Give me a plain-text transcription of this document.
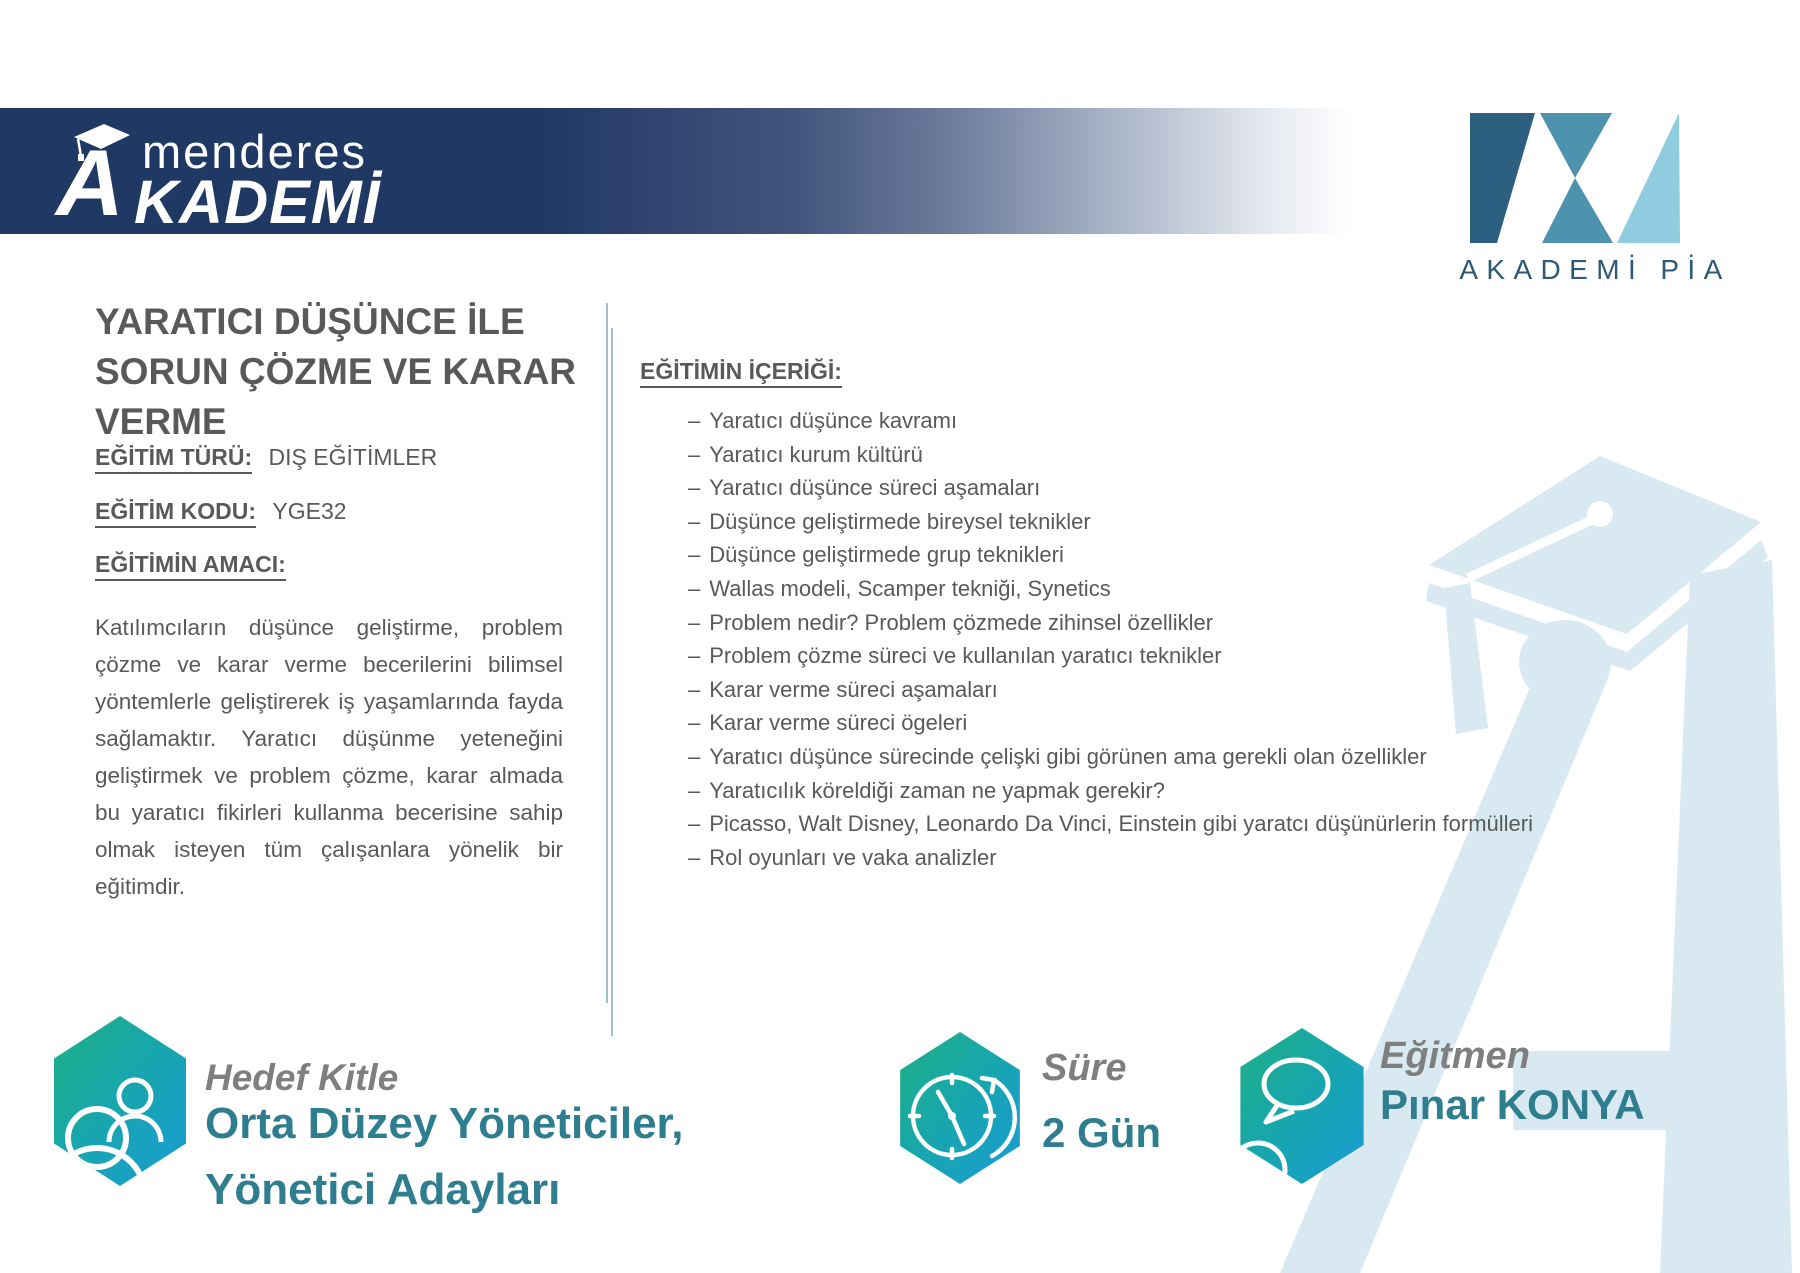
A menderes
KADEMİ
AKADEMİ PİA
YARATICI DÜŞÜNCE İLE SORUN ÇÖZME VE KARAR VERME
EĞİTİM TÜRÜ: DIŞ EĞİTİMLER
EĞİTİM KODU: YGE32
EĞİTİMİN AMACI:

Katılımcıların düşünce geliştirme, problem çözme ve karar verme becerilerini bilimsel yöntemlerle geliştirerek iş yaşamlarında fayda sağlamaktır. Yaratıcı düşünme yeteneğini geliştirmek ve problem çözme, karar almada bu yaratıcı fikirleri kullanma becerisine sahip olmak isteyen tüm çalışanlara yönelik bir eğitimdir.

EĞİTİMİN İÇERİĞİ:
– Yaratıcı düşünce kavramı
– Yaratıcı kurum kültürü
– Yaratıcı düşünce süreci aşamaları
– Düşünce geliştirmede bireysel teknikler
– Düşünce geliştirmede grup teknikleri
– Wallas modeli, Scamper tekniği, Synetics
– Problem nedir? Problem çözmede zihinsel özellikler
– Problem çözme süreci ve kullanılan yaratıcı teknikler
– Karar verme süreci aşamaları
– Karar verme süreci ögeleri
– Yaratıcı düşünce sürecinde çelişki gibi görünen ama gerekli olan özellikler
– Yaratıcılık köreldiği zaman ne yapmak gerekir?
– Picasso, Walt Disney, Leonardo Da Vinci, Einstein gibi yaratcı düşünürlerin formülleri
– Rol oyunları ve vaka analizler
Hedef Kitle
Orta Düzey Yöneticiler,
Yönetici Adayları
Süre
2 Gün
Eğitmen
Pınar KONYA
